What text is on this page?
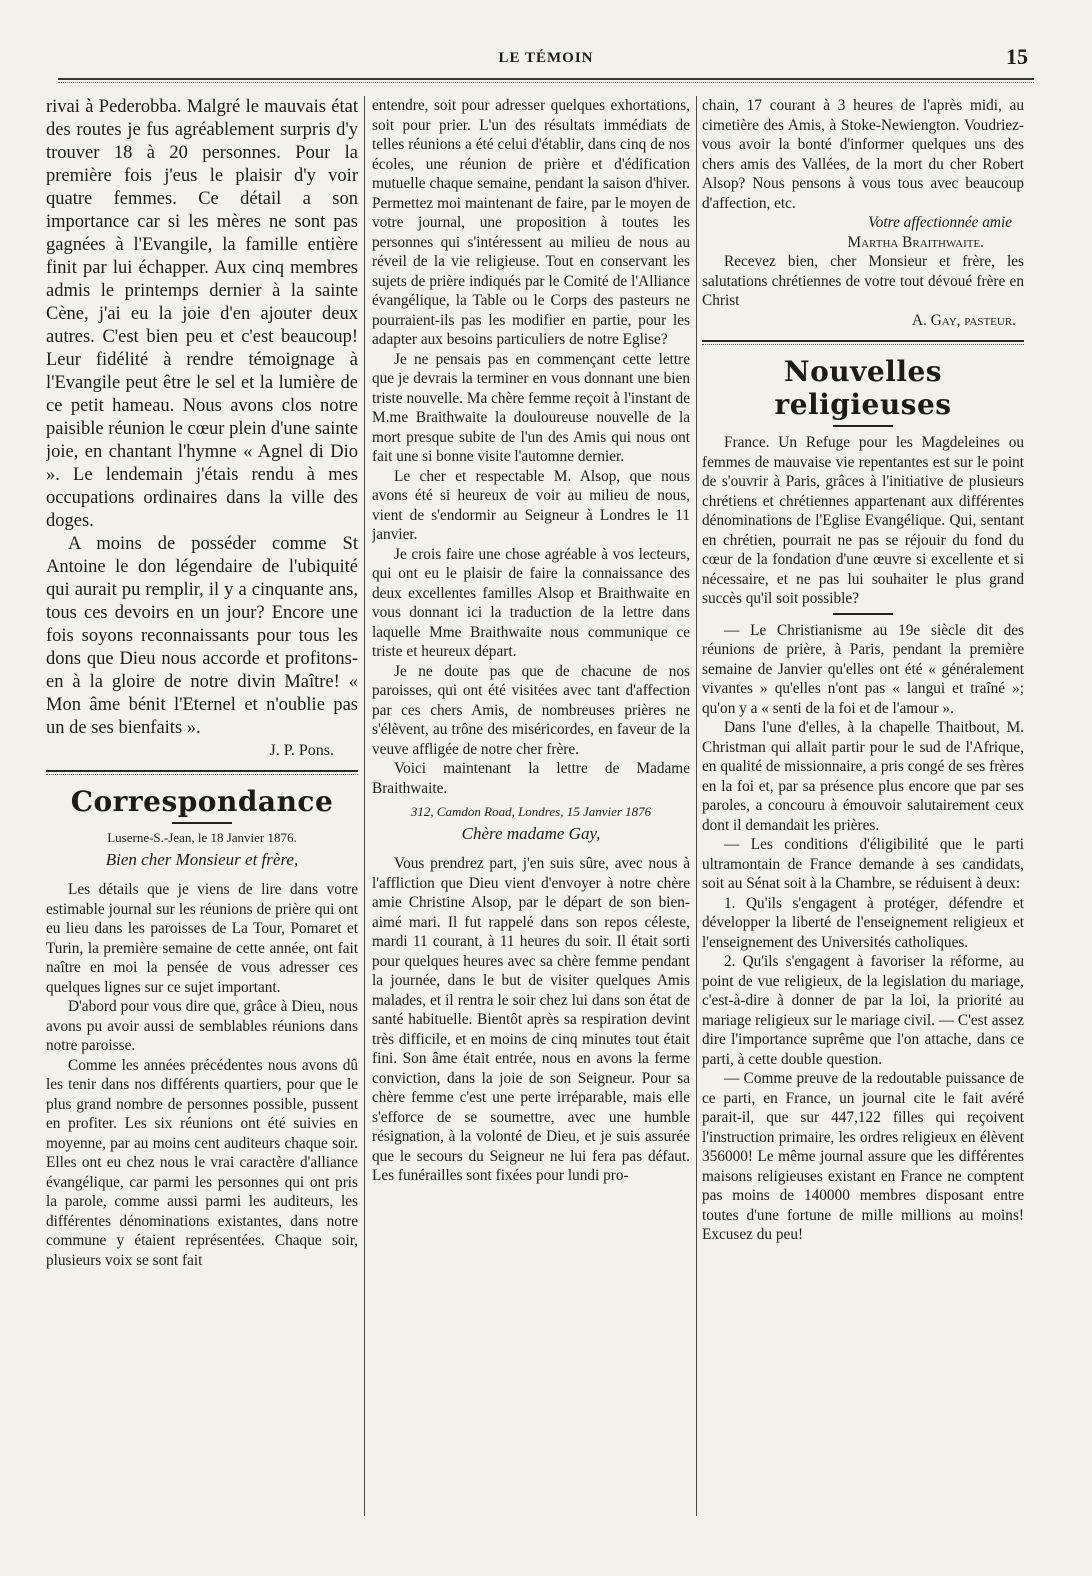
LE TÉMOIN	15

rivai à Pederobba. Malgré le mauvais état des routes je fus agréablement surpris d'y trouver 18 à 20 personnes. Pour la première fois j'eus le plaisir d'y voir quatre femmes. Ce détail a son importance car si les mères ne sont pas gagnées à l'Evangile, la famille entière finit par lui échapper. Aux cinq membres admis le printemps dernier à la sainte Cène, j'ai eu la joie d'en ajouter deux autres. C'est bien peu et c'est beaucoup! Leur fidélité à rendre témoignage à l'Evangile peut être le sel et la lumière de ce petit hameau. Nous avons clos notre paisible réunion le cœur plein d'une sainte joie, en chantant l'hymne « Agnel di Dio ». Le lendemain j'étais rendu à mes occupations ordinaires dans la ville des doges.

A moins de posséder comme St Antoine le don légendaire de l'ubiquité qui aurait pu remplir, il y a cinquante ans, tous ces devoirs en un jour? Encore une fois soyons reconnaissants pour tous les dons que Dieu nous accorde et profitons-en à la gloire de notre divin Maître! « Mon âme bénit l'Eternel et n'oublie pas un de ses bienfaits ».

J. P. Pons.

Correspondance
Luserne-S.-Jean, le 18 Janvier 1876.
Bien cher Monsieur et frère,

Les détails que je viens de lire dans votre estimable journal sur les réunions de prière qui ont eu lieu dans les paroisses de La Tour, Pomaret et Turin, la première semaine de cette année, ont fait naître en moi la pensée de vous adresser ces quelques lignes sur ce sujet important.

D'abord pour vous dire que, grâce à Dieu, nous avons pu avoir aussi de semblables réunions dans notre paroisse.

Comme les années précédentes nous avons dû les tenir dans nos différents quartiers, pour que le plus grand nombre de personnes possible, pussent en profiter. Les six réunions ont été suivies en moyenne, par au moins cent auditeurs chaque soir. Elles ont eu chez nous le vrai caractère d'alliance évangélique, car parmi les personnes qui ont pris la parole, comme aussi parmi les auditeurs, les différentes dénominations existantes, dans notre commune y étaient représentées. Chaque soir, plusieurs voix se sont fait

entendre, soit pour adresser quelques exhortations, soit pour prier. L'un des résultats immédiats de telles réunions a été celui d'établir, dans cinq de nos écoles, une réunion de prière et d'édification mutuelle chaque semaine, pendant la saison d'hiver. Permettez moi maintenant de faire, par le moyen de votre journal, une proposition à toutes les personnes qui s'intéressent au milieu de nous au réveil de la vie religieuse. Tout en conservant les sujets de prière indiqués par le Comité de l'Alliance évangélique, la Table ou le Corps des pasteurs ne pourraient-ils pas les modifier en partie, pour les adapter aux besoins particuliers de notre Eglise?

Je ne pensais pas en commençant cette lettre que je devrais la terminer en vous donnant une bien triste nouvelle. Ma chère femme reçoit à l'instant de M.me Braithwaite la douloureuse nouvelle de la mort presque subite de l'un des Amis qui nous ont fait une si bonne visite l'automne dernier.

Le cher et respectable M. Alsop, que nous avons été si heureux de voir au milieu de nous, vient de s'endormir au Seigneur à Londres le 11 janvier.

Je crois faire une chose agréable à vos lecteurs, qui ont eu le plaisir de faire la connaissance des deux excellentes familles Alsop et Braithwaite en vous donnant ici la traduction de la lettre dans laquelle Mme Braithwaite nous communique ce triste et heureux départ.

Je ne doute pas que de chacune de nos paroisses, qui ont été visitées avec tant d'affection par ces chers Amis, de nombreuses prières ne s'élèvent, au trône des miséricordes, en faveur de la veuve affligée de notre cher frère.

Voici maintenant la lettre de Madame Braithwaite.

312, Camdon Road, Londres, 15 Janvier 1876
Chère madame Gay,

Vous prendrez part, j'en suis sûre, avec nous à l'affliction que Dieu vient d'envoyer à notre chère amie Christine Alsop, par le départ de son bien-aimé mari. Il fut rappelé dans son repos céleste, mardi 11 courant, à 11 heures du soir. Il était sorti pour quelques heures avec sa chère femme pendant la journée, dans le but de visiter quelques Amis malades, et il rentra le soir chez lui dans son état de santé habituelle. Bientôt après sa respiration devint très difficile, et en moins de cinq minutes tout était fini. Son âme était entrée, nous en avons la ferme conviction, dans la joie de son Seigneur. Pour sa chère femme c'est une perte irréparable, mais elle s'efforce de se soumettre, avec une humble résignation, à la volonté de Dieu, et je suis assurée que le secours du Seigneur ne lui fera pas défaut. Les funérailles sont fixées pour lundi pro-

chain, 17 courant à 3 heures de l'après midi, au cimetière des Amis, à Stoke-Newiengton. Voudriez-vous avoir la bonté d'informer quelques uns des chers amis des Vallées, de la mort du cher Robert Alsop? Nous pensons à vous tous avec beaucoup d'affection, etc.

Votre affectionnée amie

Martha Braithwaite.

Recevez bien, cher Monsieur et frère, les salutations chrétiennes de votre tout dévoué frère en Christ

A. Gay, pasteur.

Nouvelles religieuses

France. Un Refuge pour les Magdeleines ou femmes de mauvaise vie repentantes est sur le point de s'ouvrir à Paris, grâces à l'initiative de plusieurs chrétiens et chrétiennes appartenant aux différentes dénominations de l'Eglise Evangélique. Qui, sentant en chrétien, pourrait ne pas se réjouir du fond du cœur de la fondation d'une œuvre si excellente et si nécessaire, et ne pas lui souhaiter le plus grand succès qu'il soit possible?

— Le Christianisme au 19e siècle dit des réunions de prière, à Paris, pendant la première semaine de Janvier qu'elles ont été « généralement vivantes » qu'elles n'ont pas « langui et traîné »; qu'on y a « senti de la foi et de l'amour ».

Dans l'une d'elles, à la chapelle Thaitbout, M. Christman qui allait partir pour le sud de l'Afrique, en qualité de missionnaire, a pris congé de ses frères en la foi et, par sa présence plus encore que par ses paroles, a concouru à émouvoir salutairement ceux dont il demandait les prières.

— Les conditions d'éligibilité que le parti ultramontain de France demande à ses candidats, soit au Sénat soit à la Chambre, se réduisent à deux:

1. Qu'ils s'engagent à protéger, défendre et développer la liberté de l'enseignement religieux et l'enseignement des Universités catholiques.

2. Qu'ils s'engagent à favoriser la réforme, au point de vue religieux, de la legislation du mariage, c'est-à-dire à donner de par la loi, la priorité au mariage religieux sur le mariage civil. — C'est assez dire l'importance suprême que l'on attache, dans ce parti, à cette double question.

— Comme preuve de la redoutable puissance de ce parti, en France, un journal cite le fait avéré parait-il, que sur 447,122 filles qui reçoivent l'instruction primaire, les ordres religieux en élèvent 356000! Le même journal assure que les différentes maisons religieuses existant en France ne comptent pas moins de 140000 membres disposant entre toutes d'une fortune de mille millions au moins! Excusez du peu!
